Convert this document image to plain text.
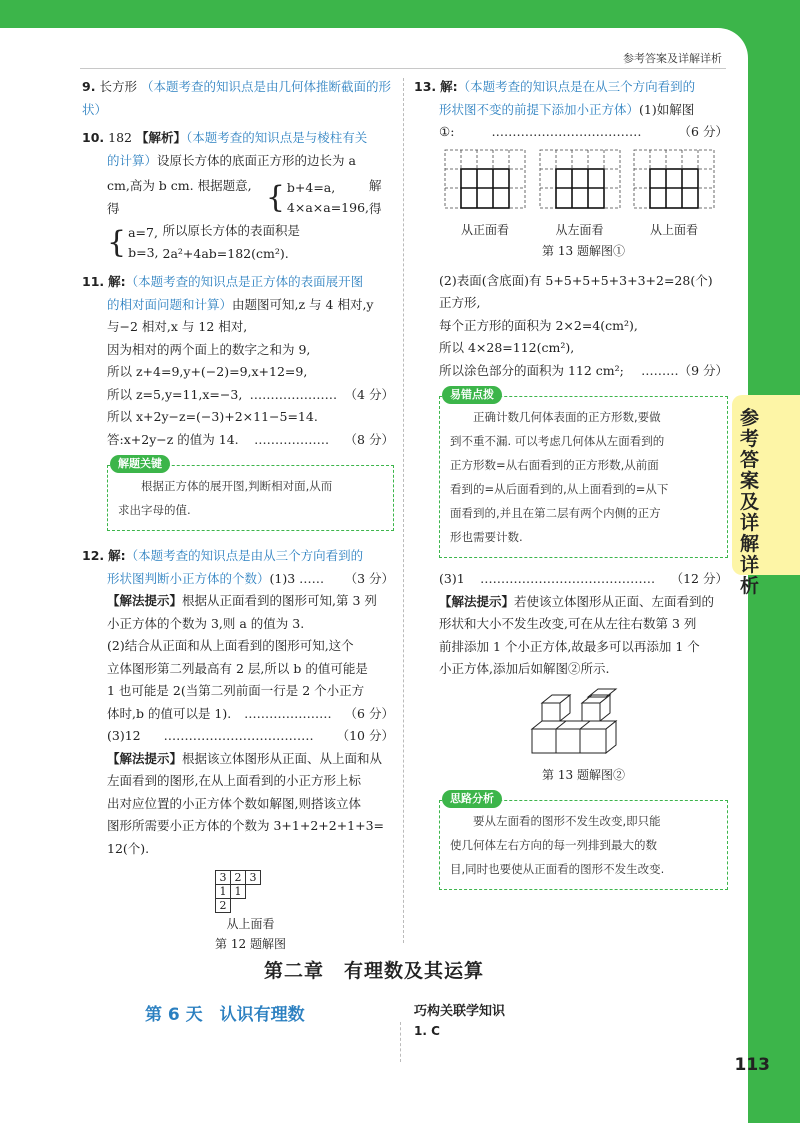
参考答案及详解详析
参考答案及详解详析

9. 长方形 （本题考查的知识点是由几何体推断截面的形状）

10. 182 【解析】（本题考查的知识点是与棱柱有关

的计算）设原长方体的底面正方形的边长为 a

cm,高为 b cm. 根据题意,得	{ b+4=a,
4×a×a=196,
解得
{ a=7,
b=3,
所以原长方体的表面积是 2a²+4ab=182(cm²).

11. 解:（本题考查的知识点是正方体的表面展开图

的相对面问题和计算）由题图可知,z 与 4 相对,y

与−2 相对,x 与 12 相对,

因为相对的两个面上的数字之和为 9,

所以 z+4=9,y+(−2)=9,x+12=9,

所以 z=5,y=11,x=−3, ………………… （4 分）

所以 x+2y−z=(−3)+2×11−5=14.

答:x+2y−z 的值为 14. ……………… （8 分）

解题关键

根据正方体的展开图,判断相对面,从而

求出字母的值.

12. 解:（本题考查的知识点是由从三个方向看到的

形状图判断小正方体的个数）(1)3 …… （3 分）

【解法提示】根据从正面看到的图形可知,第 3 列

小正方体的个数为 3,则 a 的值为 3.

(2)结合从正面和从上面看到的图形可知,这个

立体图形第二列最高有 2 层,所以 b 的值可能是

1 也可能是 2(当第二列前面一行是 2 个小正方

体时,b 的值可以是 1). ………………… （6 分）

(3)12 ……………………………… （10 分）

【解法提示】根据该立体图形从正面、从上面和从

左面看到的图形,在从上面看到的小正方形上标

出对应位置的小正方体个数如解图,则搭该立体

图形所需要小正方体的个数为 3+1+2+2+1+3=

12(个).

3	2	3
1	1	
2		

从上面看

第 12 题解图

13. 解:（本题考查的知识点是在从三个方向看到的

形状图不变的前提下添加小正方体）(1)如解图

①:	………………………………	（6 分）

从正面看	从左面看	从上面看

第 13 题解图①

(2)表面(含底面)有 5+5+5+5+3+3+2=28(个)

正方形,

每个正方形的面积为 2×2=4(cm²),

所以 4×28=112(cm²),

所以涂色部分的面积为 112 cm²; ………（9 分）

易错点拨

正确计数几何体表面的正方形数,要做

到不重不漏. 可以考虑几何体从左面看到的

正方形数=从右面看到的正方形数,从前面

看到的=从后面看到的,从上面看到的=从下

面看到的,并且在第二层有两个内侧的正方

形也需要计数.

(3)1 …………………………………… （12 分）

【解法提示】若使该立体图形从正面、左面看到的

形状和大小不发生改变,可在从左往右数第 3 列

前排添加 1 个小正方体,故最多可以再添加 1 个

小正方体,添加后如解图②所示.

第 13 题解图②

思路分析

要从左面看的图形不发生改变,即只能

使几何体左右方向的每一列排到最大的数

目,同时也要使从正面看的图形不发生改变.

第二章　有理数及其运算
第 6 天　认识有理数	巧构关联学知识
1. C
113
